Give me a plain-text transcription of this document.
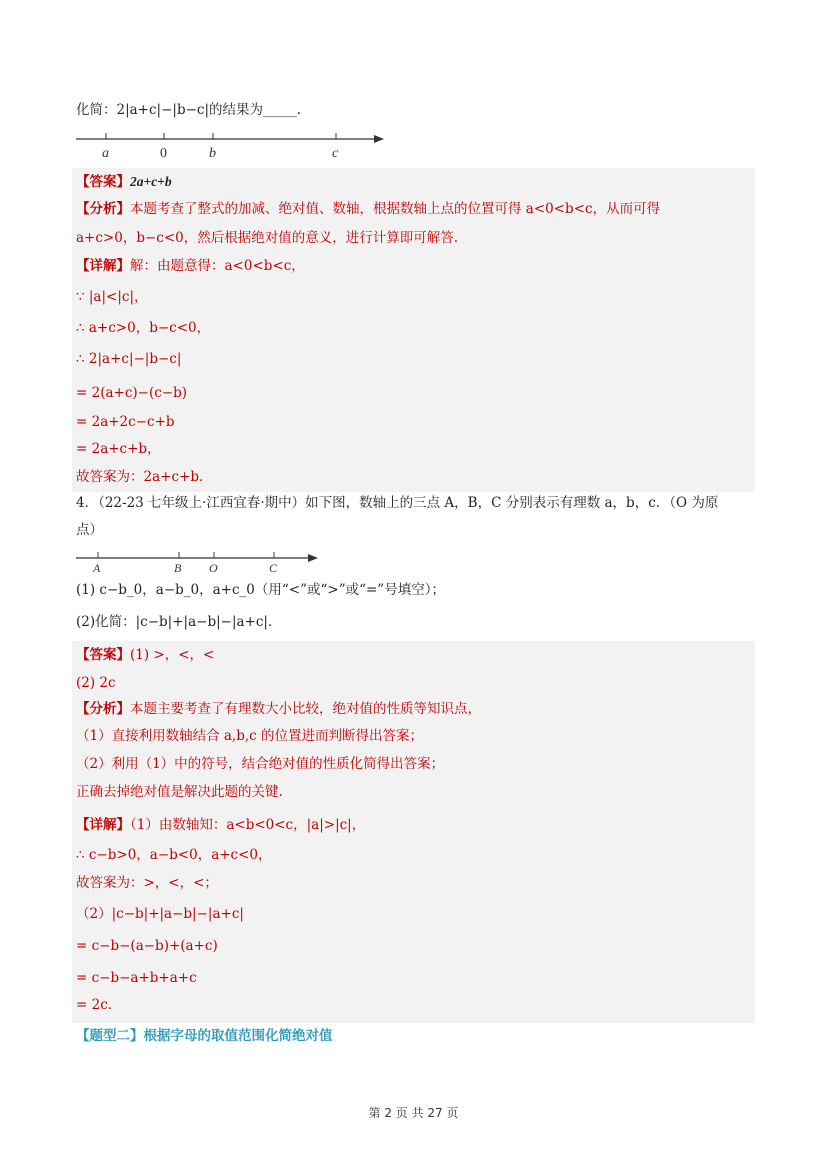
化简：2|a+c|−|b−c|的结果为_____.
a	0	b	c
【答案】2a+c+b
【分析】本题考查了整式的加减、绝对值、数轴，根据数轴上点的位置可得 a<0<b<c，从而可得
a+c>0，b−c<0，然后根据绝对值的意义，进行计算即可解答.
【详解】解：由题意得：a<0<b<c，
∵ |a|<|c|，
∴ a+c>0，b−c<0，
∴ 2|a+c|−|b−c|
= 2(a+c)−(c−b)
= 2a+2c−c+b
= 2a+c+b，
故答案为：2a+c+b．
4．（22-23 七年级上·江西宜春·期中）如下图，数轴上的三点 A，B，C 分别表示有理数 a，b，c．（O 为原
点）
A	B O	C
(1) c−b_0，a−b_0，a+c_0（用“<”或“>”或“=”号填空）；
(2)化简：|c−b|+|a−b|−|a+c|．
【答案】(1) >，<，<
(2) 2c
【分析】本题主要考查了有理数大小比较，绝对值的性质等知识点，
（1）直接利用数轴结合 a,b,c 的位置进而判断得出答案；
（2）利用（1）中的符号，结合绝对值的性质化简得出答案；
正确去掉绝对值是解决此题的关键.
【详解】（1）由数轴知：a<b<0<c，|a|>|c|，
∴ c−b>0，a−b<0，a+c<0，
故答案为：>，<，<；
（2）|c−b|+|a−b|−|a+c|
= c−b−(a−b)+(a+c)
= c−b−a+b+a+c
= 2c．
【题型二】根据字母的取值范围化简绝对值
第 2 页 共 27 页
